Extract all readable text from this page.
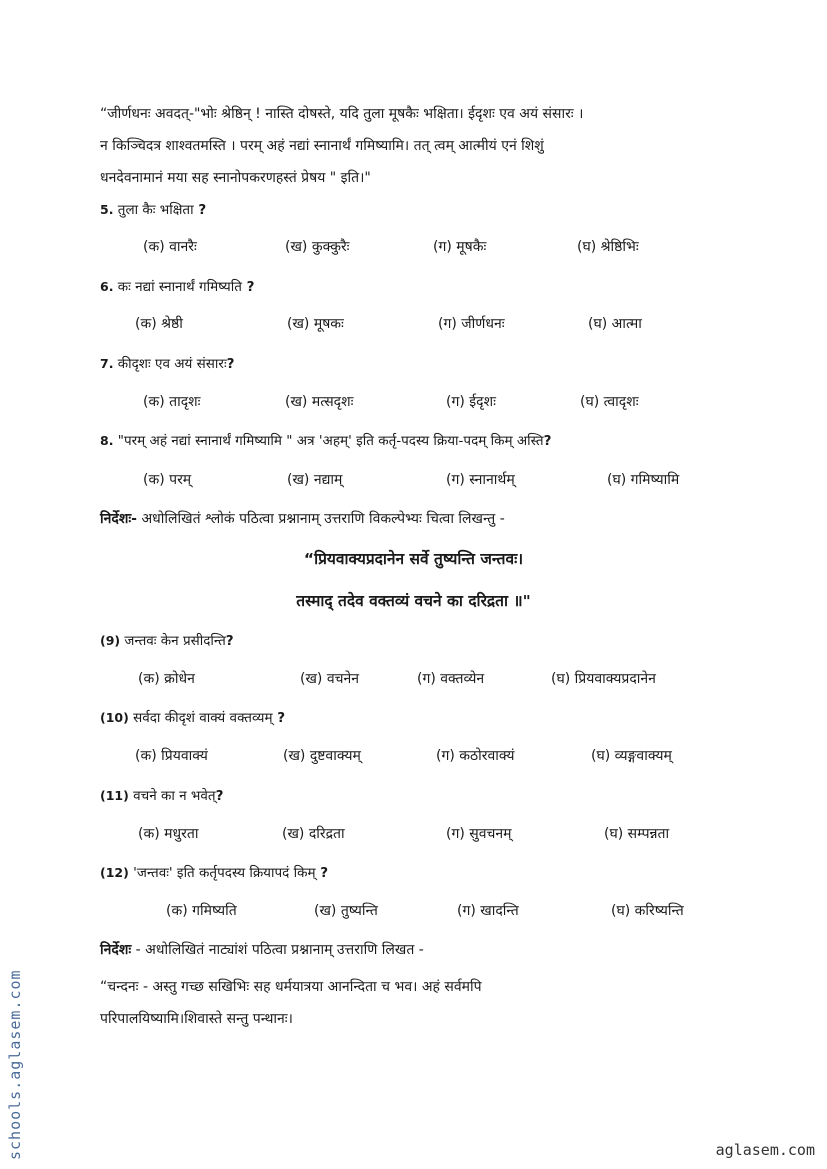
“जीर्णधनः अवदत्-"भोः श्रेष्ठिन् ! नास्ति दोषस्ते, यदि तुला मूषकैः भक्षिता। ईदृशः एव अयं संसारः ।
न किञ्चिदत्र शाश्वतमस्ति । परम् अहं नद्यां स्नानार्थं गमिष्यामि। तत् त्वम् आत्मीयं एनं शिशुं
धनदेवनामानं मया सह स्नानोपकरणहस्तं प्रेषय " इति।"

5. तुला कैः भक्षिता ?
(क) वानरैः	(ख) कुक्कुरैः	(ग) मूषकैः	(घ) श्रेष्ठिभिः
6. कः नद्यां स्नानार्थं गमिष्यति ?
(क) श्रेष्ठी	(ख) मूषकः	(ग) जीर्णधनः	(घ) आत्मा
7. कीदृशः एव अयं संसारः?
(क) तादृशः	(ख) मत्सदृशः	(ग) ईदृशः	(घ) त्वादृशः
8. "परम् अहं नद्यां स्नानार्थं गमिष्यामि " अत्र 'अहम्' इति कर्तृ-पदस्य क्रिया-पदम् किम् अस्ति?
(क) परम्	(ख) नद्याम्	(ग) स्नानार्थम्	(घ) गमिष्यामि
निर्देशः- अधोलिखितं श्लोकं पठित्वा प्रश्नानाम् उत्तराणि विकल्पेभ्यः चित्वा लिखन्तु -
“प्रियवाक्यप्रदानेन सर्वे तुष्यन्ति जन्तवः।
तस्माद् तदेव वक्तव्यं वचने का दरिद्रता ॥"
(9) जन्तवः केन प्रसीदन्ति?
(क) क्रोधेन	(ख) वचनेन	(ग) वक्तव्येन	(घ) प्रियवाक्यप्रदानेन
(10) सर्वदा कीदृशं वाक्यं वक्तव्यम् ?
(क) प्रियवाक्यं	(ख) दुष्टवाक्यम्	(ग) कठोरवाक्यं	(घ) व्यङ्गवाक्यम्
(11) वचने का न भवेत्?
(क) मधुरता	(ख) दरिद्रता	(ग) सुवचनम्	(घ) सम्पन्नता
(12) 'जन्तवः' इति कर्तृपदस्य क्रियापदं किम् ?
(क) गमिष्यति	(ख) तुष्यन्ति	(ग) खादन्ति	(घ) करिष्यन्ति
निर्देशः - अधोलिखितं नाट्यांशं पठित्वा प्रश्नानाम् उत्तराणि लिखत -

“चन्दनः - अस्तु गच्छ सखिभिः सह धर्मयात्रया आनन्दिता च भव। अहं सर्वमपि
परिपालयिष्यामि।शिवास्ते सन्तु पन्थानः।

schools.aglasem.com	aglasem.com
